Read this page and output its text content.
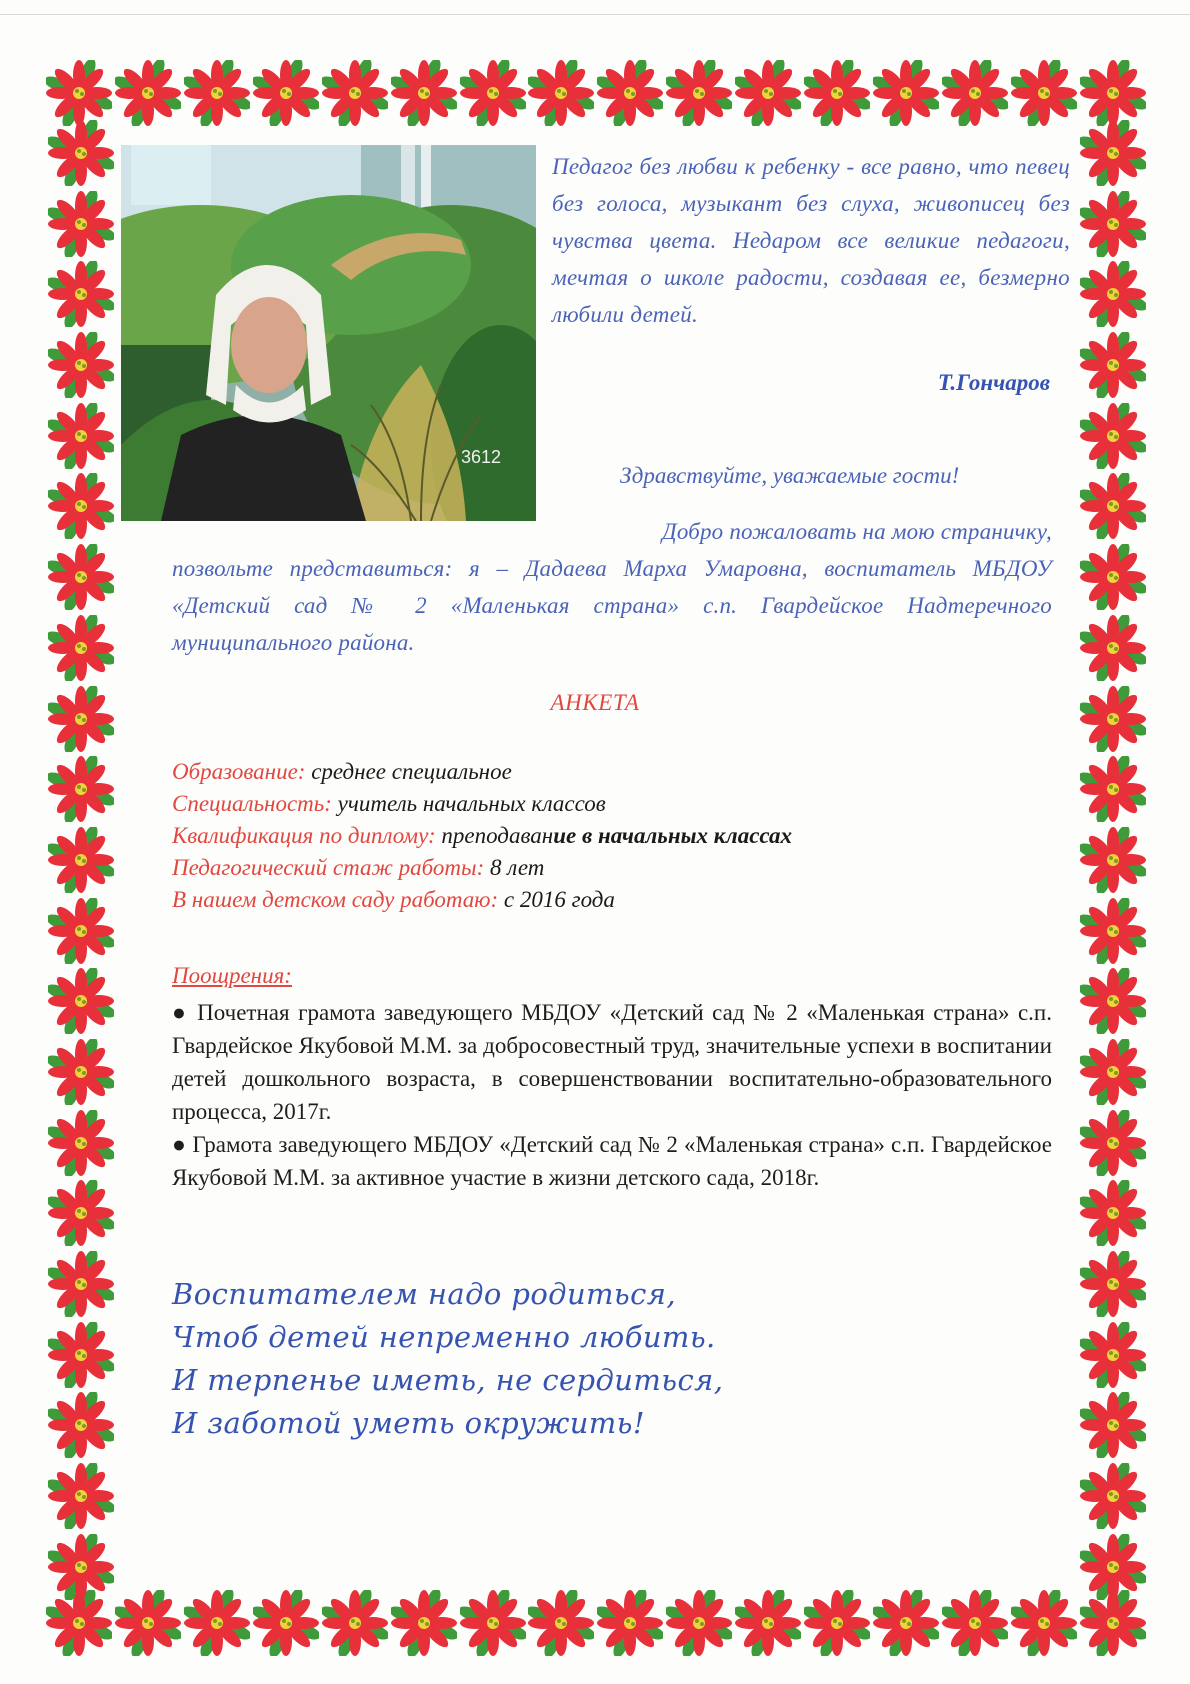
3612
Педагог без любви к ребенку - все равно, что певец без голоса, музыкант без слуха, живописец без чувства цвета. Недаром все великие педагоги, мечтая о школе радости, создавая ее, безмерно любили детей.
Т.Гончаров
Здравствуйте, уважаемые гости!
Добро пожаловать на мою страничку,
позвольте представиться: я – Дадаева Марха Умаровна, воспитатель МБДОУ «Детский сад № 2 «Маленькая страна» с.п. Гвардейское Надтеречного муниципального района.
АНКЕТА
Образование: среднее специальное
Специальность: учитель начальных классов
Квалификация по диплому: преподавание в начальных классах
Педагогический стаж работы: 8 лет
В нашем детском саду работаю: с 2016 года
Поощрения:

● Почетная грамота заведующего МБДОУ «Детский сад № 2 «Маленькая страна» с.п. Гвардейское Якубовой М.М. за добросовестный труд, значительные успехи в воспитании детей дошкольного возраста, в совершенствовании воспитательно-образовательного процесса, 2017г.

● Грамота заведующего МБДОУ «Детский сад № 2 «Маленькая страна» с.п. Гвардейское Якубовой М.М. за активное участие в жизни детского сада, 2018г.

Воспитателем надо родиться,
Чтоб детей непременно любить.
И терпенье иметь, не сердиться,
И заботой уметь окружить!
